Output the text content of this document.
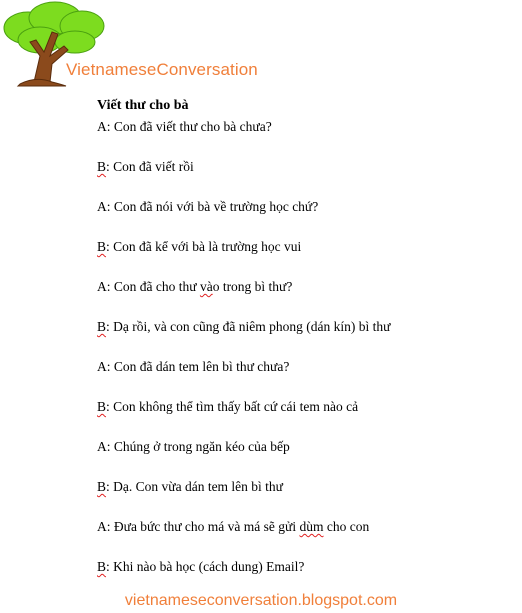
VietnameseConversation
Viết thư cho bà
A: Con đã viết thư cho bà chưa?
B: Con đã viết rồi
A: Con đã nói với bà về trường học chứ?
B: Con đã kể với bà là trường học vui
A: Con đã cho thư vào trong bì thư?
B: Dạ rồi, và con cũng đã niêm phong (dán kín) bì thư
A: Con đã dán tem lên bì thư chưa?
B: Con không thể tìm thấy bất cứ cái tem nào cả
A: Chúng ở trong ngăn kéo của bếp
B: Dạ. Con vừa dán tem lên bì thư
A: Đưa bức thư cho má và má sẽ gửi dùm cho con
B: Khi nào bà học (cách dung) Email?
vietnameseconversation.blogspot.com
